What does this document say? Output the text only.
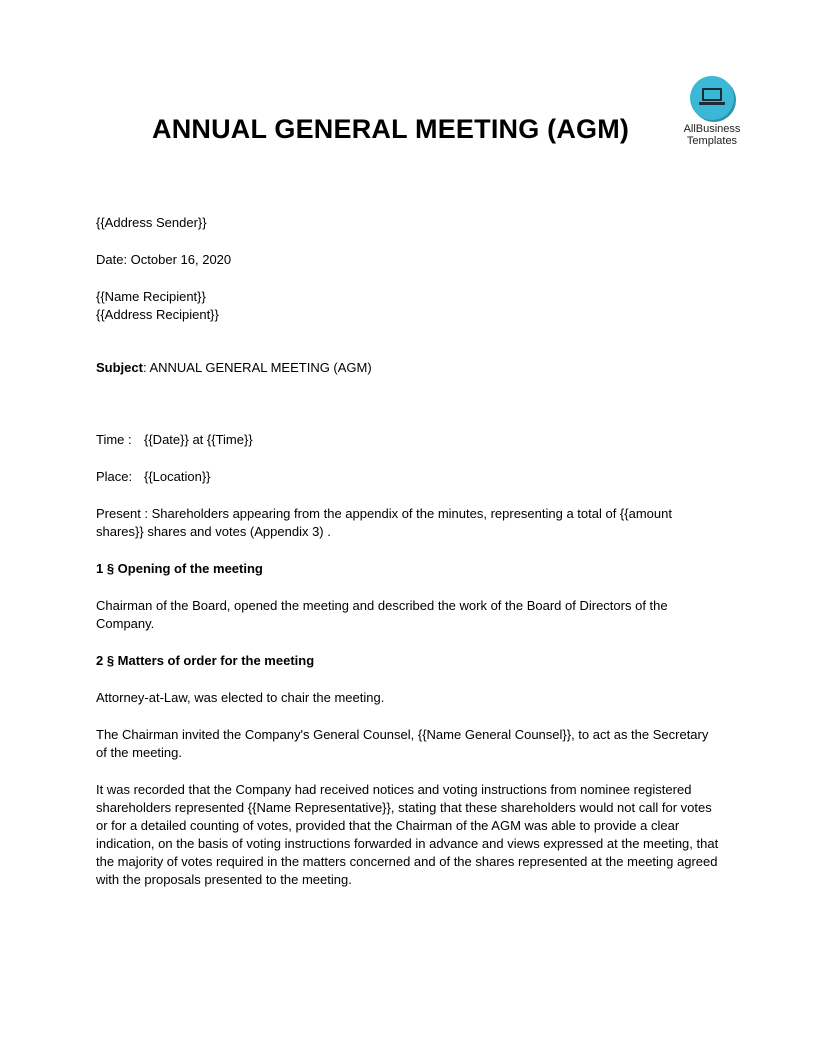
ANNUAL GENERAL MEETING (AGM)	AllBusiness
Templates

{{Address Sender}}

Date: October 16, 2020

{{Name Recipient}}

{{Address Recipient}}

Subject: ANNUAL GENERAL MEETING (AGM)

Time : {{Date}} at {{Time}}

Place: {{Location}}

Present : Shareholders appearing from the appendix of the minutes, representing a total of {{amount shares}} shares and votes (Appendix 3) .

1 § Opening of the meeting

Chairman of the Board, opened the meeting and described the work of the Board of Directors of the Company.

2 § Matters of order for the meeting

Attorney-at-Law, was elected to chair the meeting.

The Chairman invited the Company's General Counsel, {{Name General Counsel}}, to act as the Secretary of the meeting.

It was recorded that the Company had received notices and voting instructions from nominee registered shareholders represented {{Name Representative}}, stating that these shareholders would not call for votes or for a detailed counting of votes, provided that the Chairman of the AGM was able to provide a clear indication, on the basis of voting instructions forwarded in advance and views expressed at the meeting, that the majority of votes required in the matters concerned and of the shares represented at the meeting agreed with the proposals presented to the meeting.
